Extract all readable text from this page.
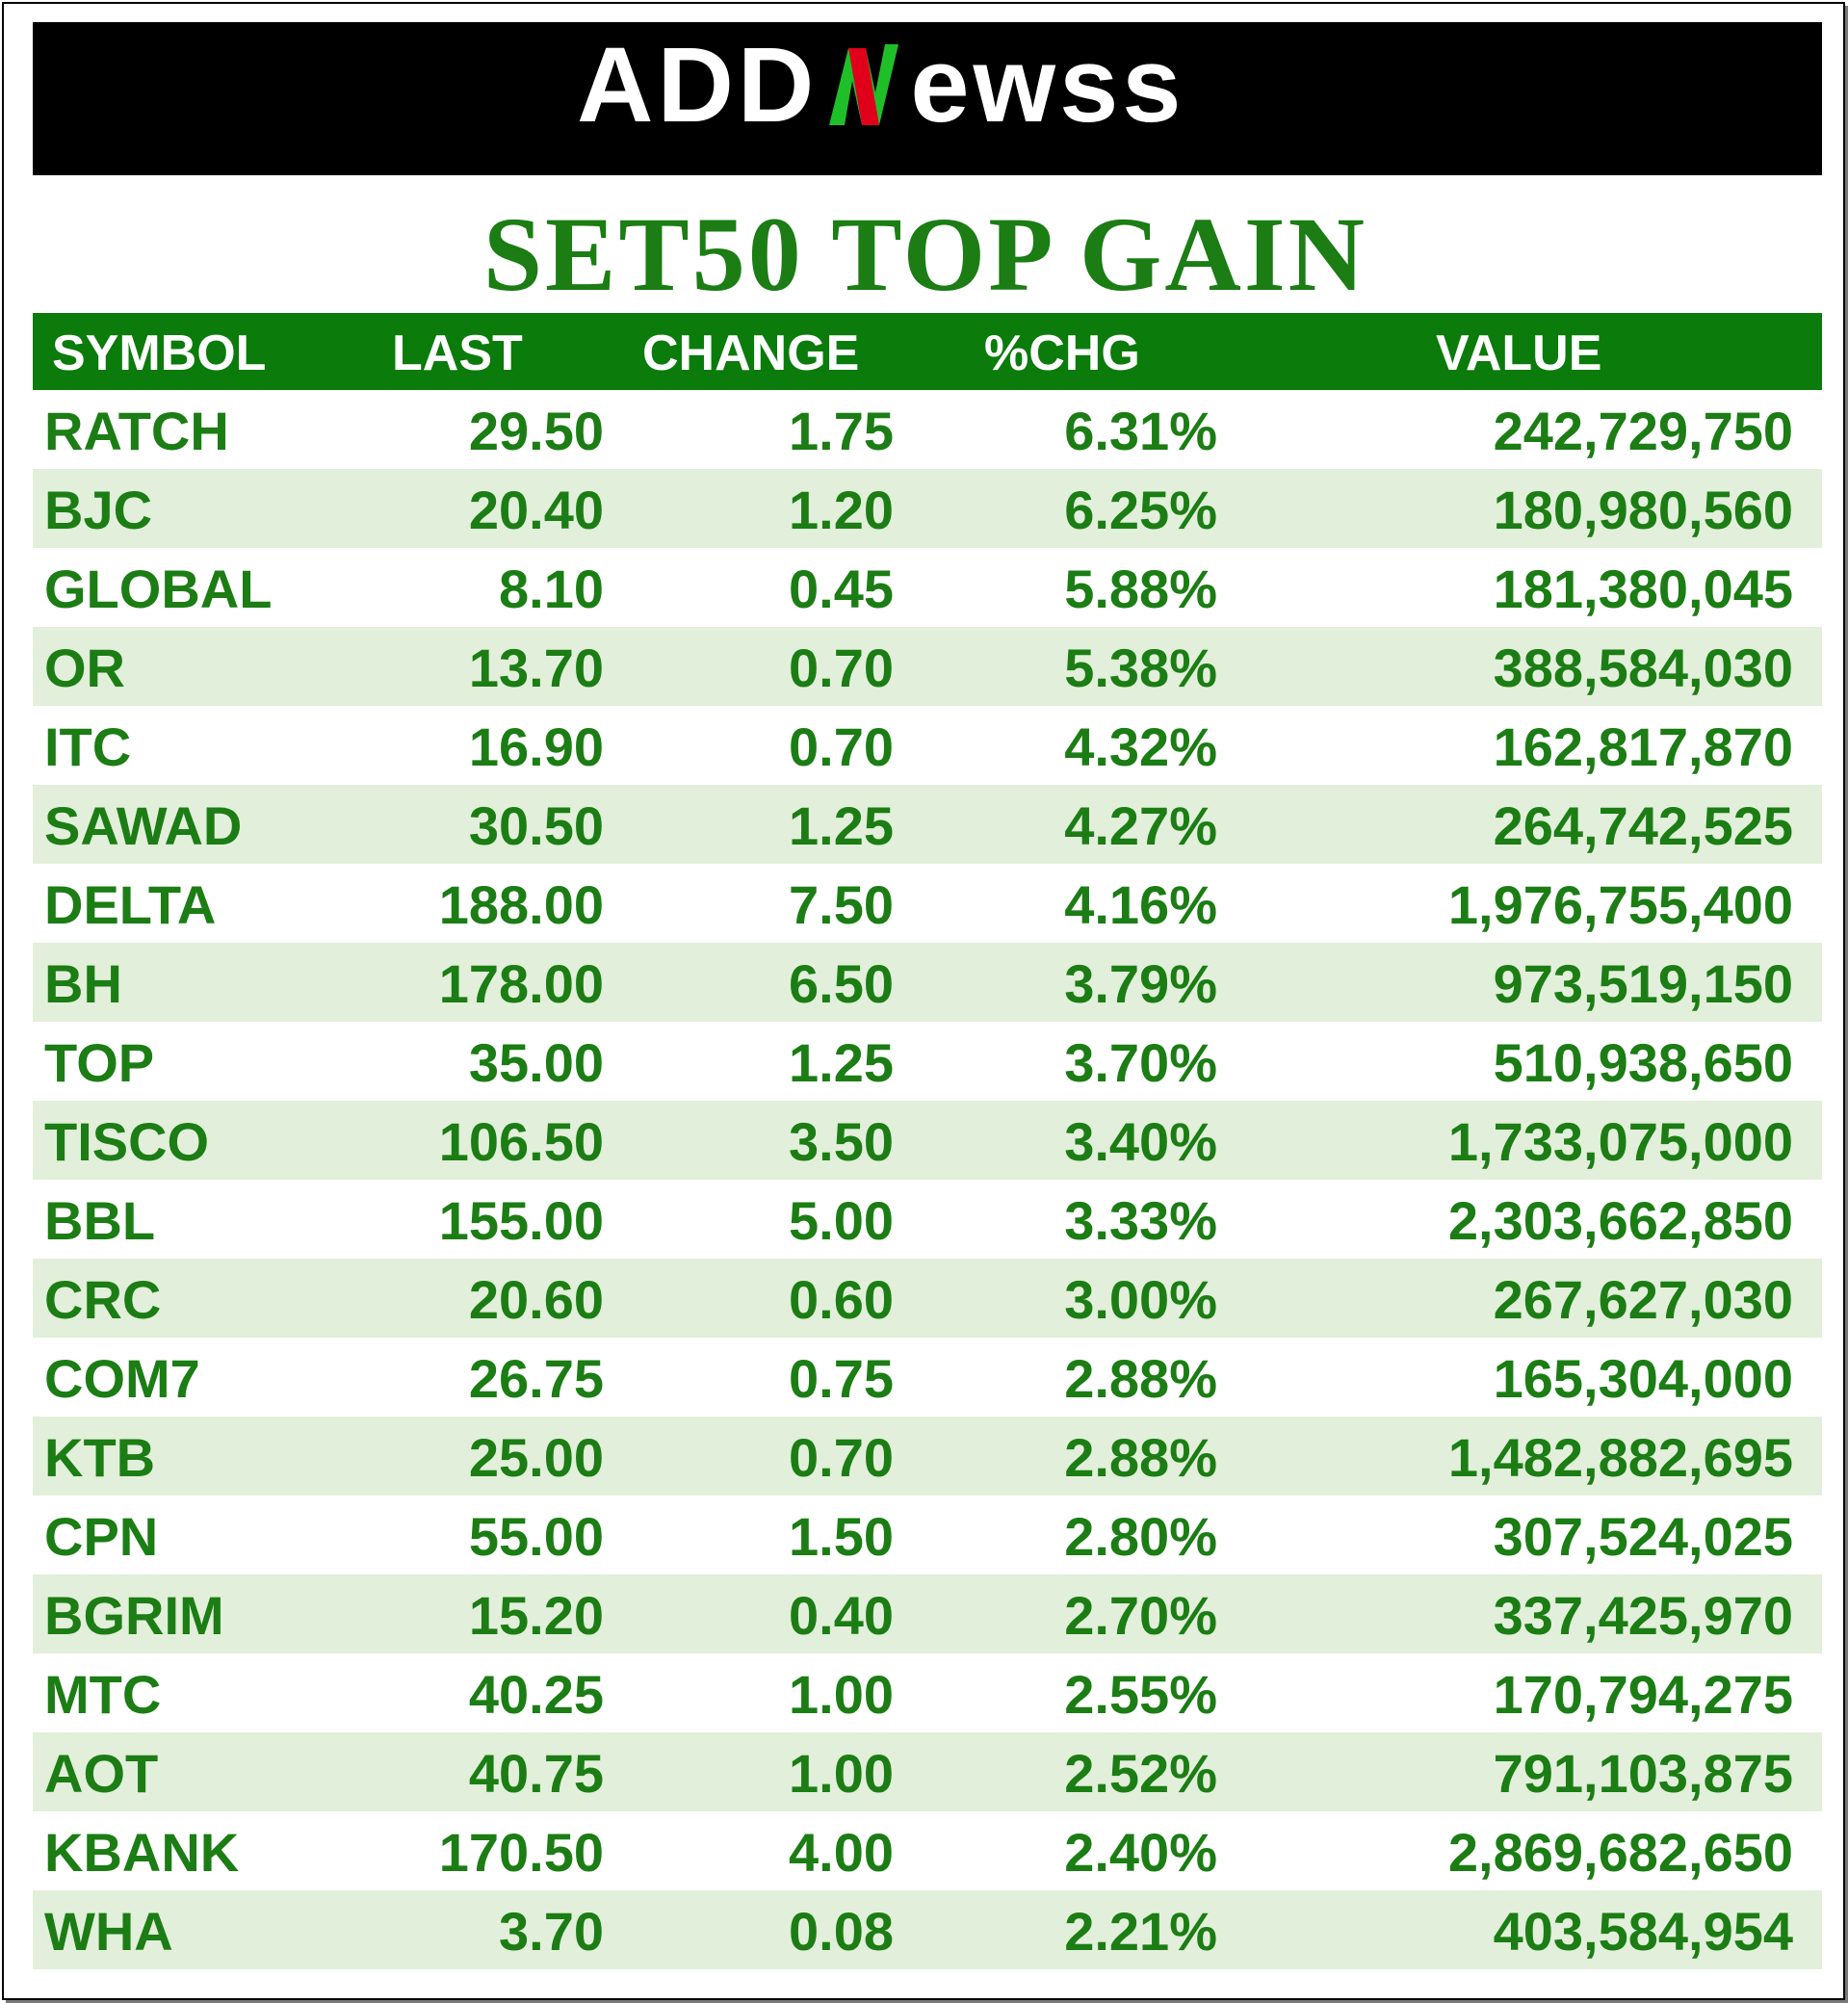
ADD ewss
SET50 TOP GAIN
SYMBOL	LAST CHANGE %CHG	VALUE
RATCH	29.50	1.75	6.31%	242,729,750
BJC	20.40	1.20	6.25%	180,980,560
GLOBAL	8.10	0.45	5.88%	181,380,045
OR	13.70	0.70	5.38%	388,584,030
ITC	16.90	0.70	4.32%	162,817,870
SAWAD	30.50	1.25	4.27%	264,742,525
DELTA	188.00	7.50	4.16%	1,976,755,400
BH	178.00	6.50	3.79%	973,519,150
TOP	35.00	1.25	3.70%	510,938,650
TISCO	106.50	3.50	3.40%	1,733,075,000
BBL	155.00	5.00	3.33%	2,303,662,850
CRC	20.60	0.60	3.00%	267,627,030
COM7	26.75	0.75	2.88%	165,304,000
KTB	25.00	0.70	2.88%	1,482,882,695
CPN	55.00	1.50	2.80%	307,524,025
BGRIM	15.20	0.40	2.70%	337,425,970
MTC	40.25	1.00	2.55%	170,794,275
AOT	40.75	1.00	2.52%	791,103,875
KBANK	170.50	4.00	2.40%	2,869,682,650
WHA	3.70	0.08	2.21%	403,584,954
